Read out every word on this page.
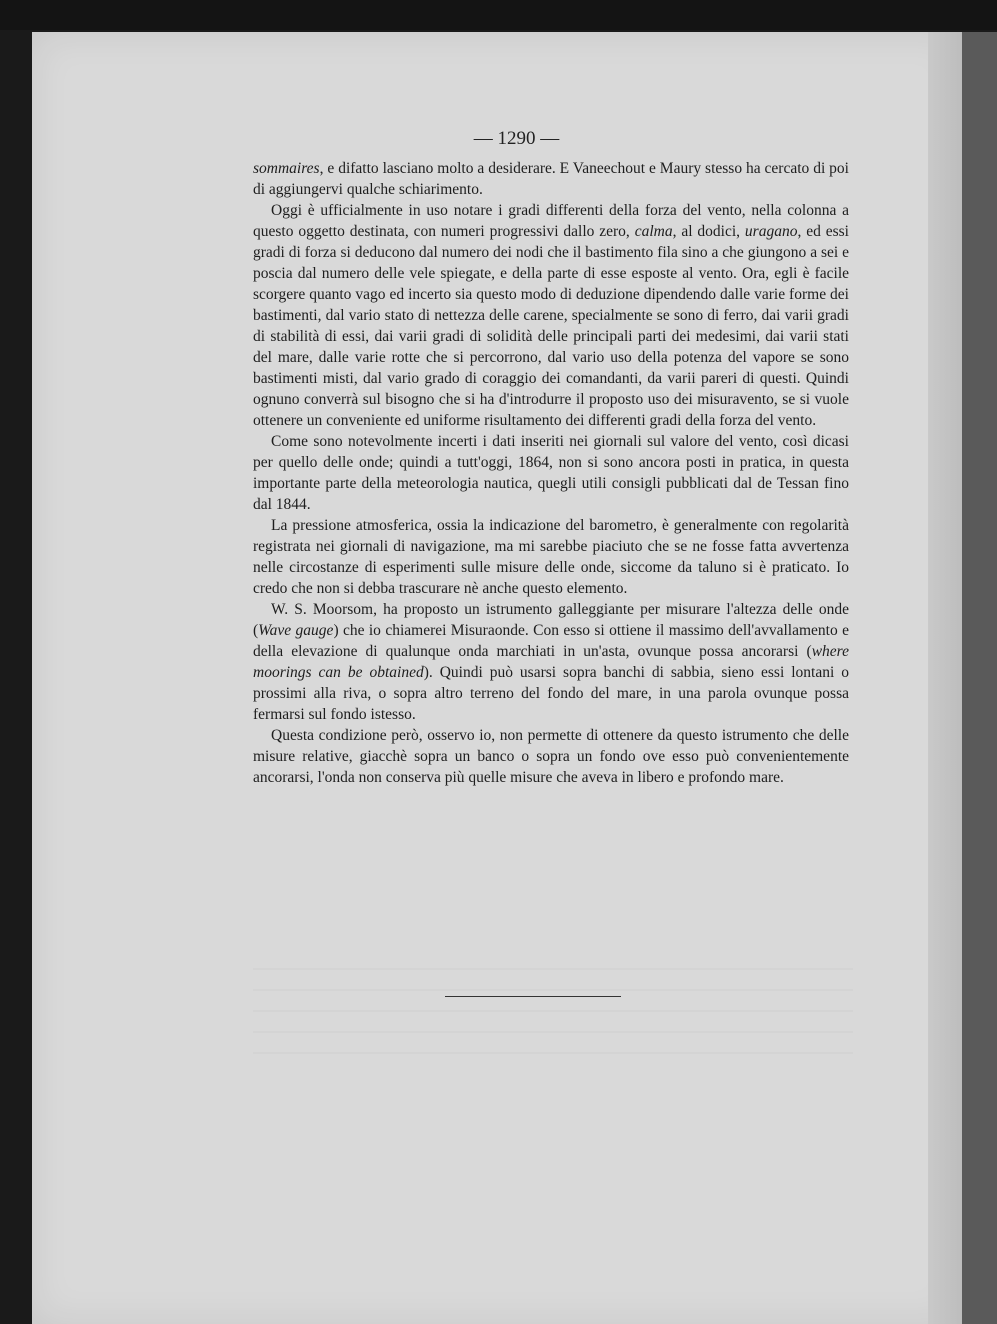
— 1290 —

sommaires, e difatto lasciano molto a desiderare. E Vaneechout e Maury stesso ha cercato di poi di aggiungervi qualche schiarimento.

Oggi è ufficialmente in uso notare i gradi differenti della forza del vento, nella colonna a questo oggetto destinata, con numeri progressivi dallo zero, calma, al dodici, uragano, ed essi gradi di forza si deducono dal numero dei nodi che il bastimento fila sino a che giungono a sei e poscia dal numero delle vele spiegate, e della parte di esse esposte al vento. Ora, egli è facile scorgere quanto vago ed incerto sia questo modo di deduzione dipendendo dalle varie forme dei bastimenti, dal vario stato di nettezza delle carene, specialmente se sono di ferro, dai varii gradi di stabilità di essi, dai varii gradi di solidità delle principali parti dei medesimi, dai varii stati del mare, dalle varie rotte che si percorrono, dal vario uso della potenza del vapore se sono bastimenti misti, dal vario grado di coraggio dei comandanti, da varii pareri di questi. Quindi ognuno converrà sul bisogno che si ha d'introdurre il proposto uso dei misuravento, se si vuole ottenere un conveniente ed uniforme risultamento dei differenti gradi della forza del vento.

Come sono notevolmente incerti i dati inseriti nei giornali sul valore del vento, così dicasi per quello delle onde; quindi a tutt'oggi, 1864, non si sono ancora posti in pratica, in questa importante parte della meteorologia nautica, quegli utili consigli pubblicati dal de Tessan fino dal 1844.

La pressione atmosferica, ossia la indicazione del barometro, è generalmente con regolarità registrata nei giornali di navigazione, ma mi sarebbe piaciuto che se ne fosse fatta avvertenza nelle circostanze di esperimenti sulle misure delle onde, siccome da taluno si è praticato. Io credo che non si debba trascurare nè anche questo elemento.

W. S. Moorsom, ha proposto un istrumento galleggiante per misurare l'altezza delle onde (Wave gauge) che io chiamerei Misuraonde. Con esso si ottiene il massimo dell'avvallamento e della elevazione di qualunque onda marchiati in un'asta, ovunque possa ancorarsi (where moorings can be obtained). Quindi può usarsi sopra banchi di sabbia, sieno essi lontani o prossimi alla riva, o sopra altro terreno del fondo del mare, in una parola ovunque possa fermarsi sul fondo istesso.

Questa condizione però, osservo io, non permette di ottenere da questo istrumento che delle misure relative, giacchè sopra un banco o sopra un fondo ove esso può convenientemente ancorarsi, l'onda non conserva più quelle misure che aveva in libero e profondo mare.
